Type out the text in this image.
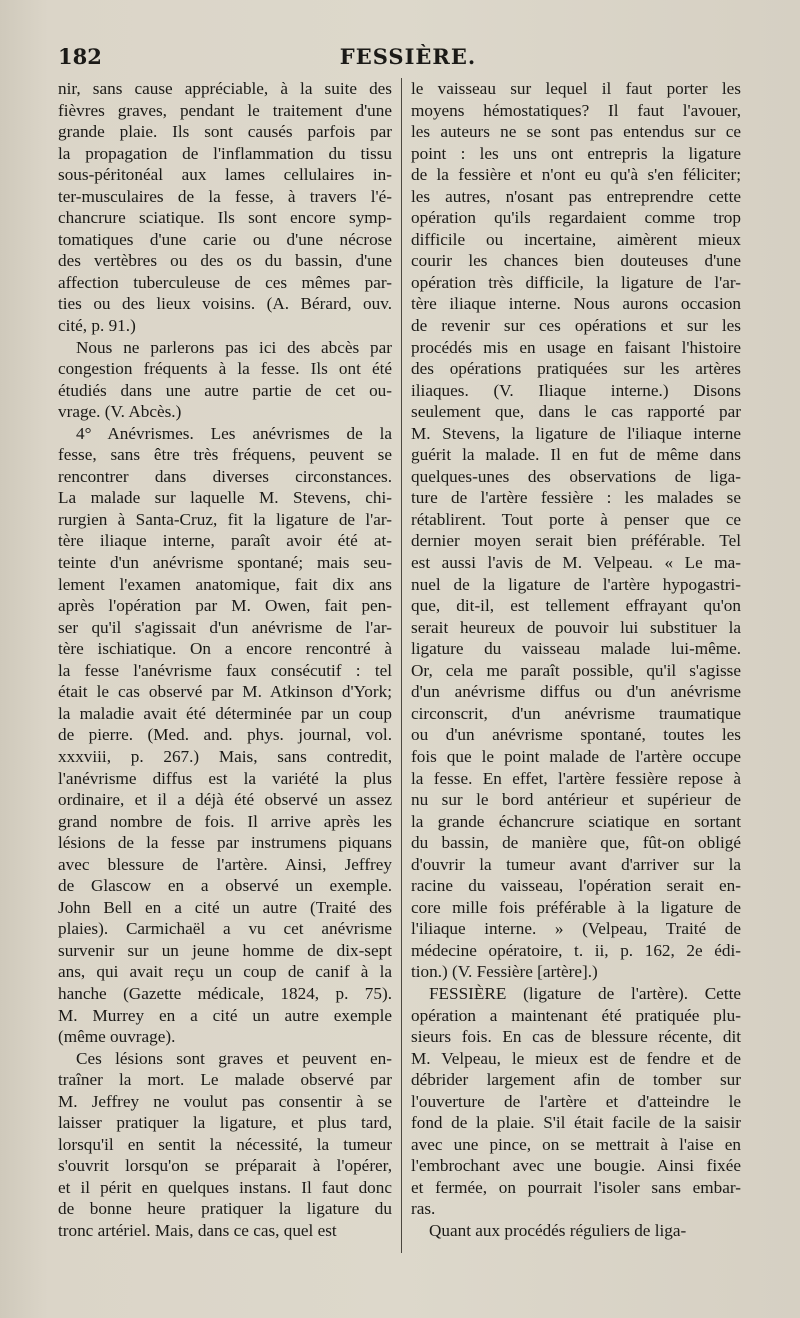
182	FESSIÈRE.
nir, sans cause appréciable, à la suite des
fièvres graves, pendant le traitement d'une
grande plaie. Ils sont causés parfois par
la propagation de l'inflammation du tissu
sous-péritonéal aux lames cellulaires in-
ter-musculaires de la fesse, à travers l'é-
chancrure sciatique. Ils sont encore symp-
tomatiques d'une carie ou d'une nécrose
des vertèbres ou des os du bassin, d'une
affection tuberculeuse de ces mêmes par-
ties ou des lieux voisins. (A. Bérard, ouv.
cité, p. 91.)
Nous ne parlerons pas ici des abcès par
congestion fréquents à la fesse. Ils ont été
étudiés dans une autre partie de cet ou-
vrage. (V. Abcès.)
4° Anévrismes. Les anévrismes de la
fesse, sans être très fréquens, peuvent se
rencontrer dans diverses circonstances.
La malade sur laquelle M. Stevens, chi-
rurgien à Santa-Cruz, fit la ligature de l'ar-
tère iliaque interne, paraît avoir été at-
teinte d'un anévrisme spontané; mais seu-
lement l'examen anatomique, fait dix ans
après l'opération par M. Owen, fait pen-
ser qu'il s'agissait d'un anévrisme de l'ar-
tère ischiatique. On a encore rencontré à
la fesse l'anévrisme faux consécutif : tel
était le cas observé par M. Atkinson d'York;
la maladie avait été déterminée par un coup
de pierre. (Med. and. phys. journal, vol.
xxxviii, p. 267.) Mais, sans contredit,
l'anévrisme diffus est la variété la plus
ordinaire, et il a déjà été observé un assez
grand nombre de fois. Il arrive après les
lésions de la fesse par instrumens piquans
avec blessure de l'artère. Ainsi, Jeffrey
de Glascow en a observé un exemple.
John Bell en a cité un autre (Traité des
plaies). Carmichaël a vu cet anévrisme
survenir sur un jeune homme de dix-sept
ans, qui avait reçu un coup de canif à la
hanche (Gazette médicale, 1824, p. 75).
M. Murrey en a cité un autre exemple
(même ouvrage).
Ces lésions sont graves et peuvent en-
traîner la mort. Le malade observé par
M. Jeffrey ne voulut pas consentir à se
laisser pratiquer la ligature, et plus tard,
lorsqu'il en sentit la nécessité, la tumeur
s'ouvrit lorsqu'on se préparait à l'opérer,
et il périt en quelques instans. Il faut donc
de bonne heure pratiquer la ligature du
tronc artériel. Mais, dans ce cas, quel est
le vaisseau sur lequel il faut porter les
moyens hémostatiques? Il faut l'avouer,
les auteurs ne se sont pas entendus sur ce
point : les uns ont entrepris la ligature
de la fessière et n'ont eu qu'à s'en féliciter;
les autres, n'osant pas entreprendre cette
opération qu'ils regardaient comme trop
difficile ou incertaine, aimèrent mieux
courir les chances bien douteuses d'une
opération très difficile, la ligature de l'ar-
tère iliaque interne. Nous aurons occasion
de revenir sur ces opérations et sur les
procédés mis en usage en faisant l'histoire
des opérations pratiquées sur les artères
iliaques. (V. Iliaque interne.) Disons
seulement que, dans le cas rapporté par
M. Stevens, la ligature de l'iliaque interne
guérit la malade. Il en fut de même dans
quelques-unes des observations de liga-
ture de l'artère fessière : les malades se
rétablirent. Tout porte à penser que ce
dernier moyen serait bien préférable. Tel
est aussi l'avis de M. Velpeau. « Le ma-
nuel de la ligature de l'artère hypogastri-
que, dit-il, est tellement effrayant qu'on
serait heureux de pouvoir lui substituer la
ligature du vaisseau malade lui-même.
Or, cela me paraît possible, qu'il s'agisse
d'un anévrisme diffus ou d'un anévrisme
circonscrit, d'un anévrisme traumatique
ou d'un anévrisme spontané, toutes les
fois que le point malade de l'artère occupe
la fesse. En effet, l'artère fessière repose à
nu sur le bord antérieur et supérieur de
la grande échancrure sciatique en sortant
du bassin, de manière que, fût-on obligé
d'ouvrir la tumeur avant d'arriver sur la
racine du vaisseau, l'opération serait en-
core mille fois préférable à la ligature de
l'iliaque interne. » (Velpeau, Traité de
médecine opératoire, t. ii, p. 162, 2e édi-
tion.) (V. Fessière [artère].)
FESSIÈRE (ligature de l'artère). Cette
opération a maintenant été pratiquée plu-
sieurs fois. En cas de blessure récente, dit
M. Velpeau, le mieux est de fendre et de
débrider largement afin de tomber sur
l'ouverture de l'artère et d'atteindre le
fond de la plaie. S'il était facile de la saisir
avec une pince, on se mettrait à l'aise en
l'embrochant avec une bougie. Ainsi fixée
et fermée, on pourrait l'isoler sans embar-
ras.
Quant aux procédés réguliers de liga-
